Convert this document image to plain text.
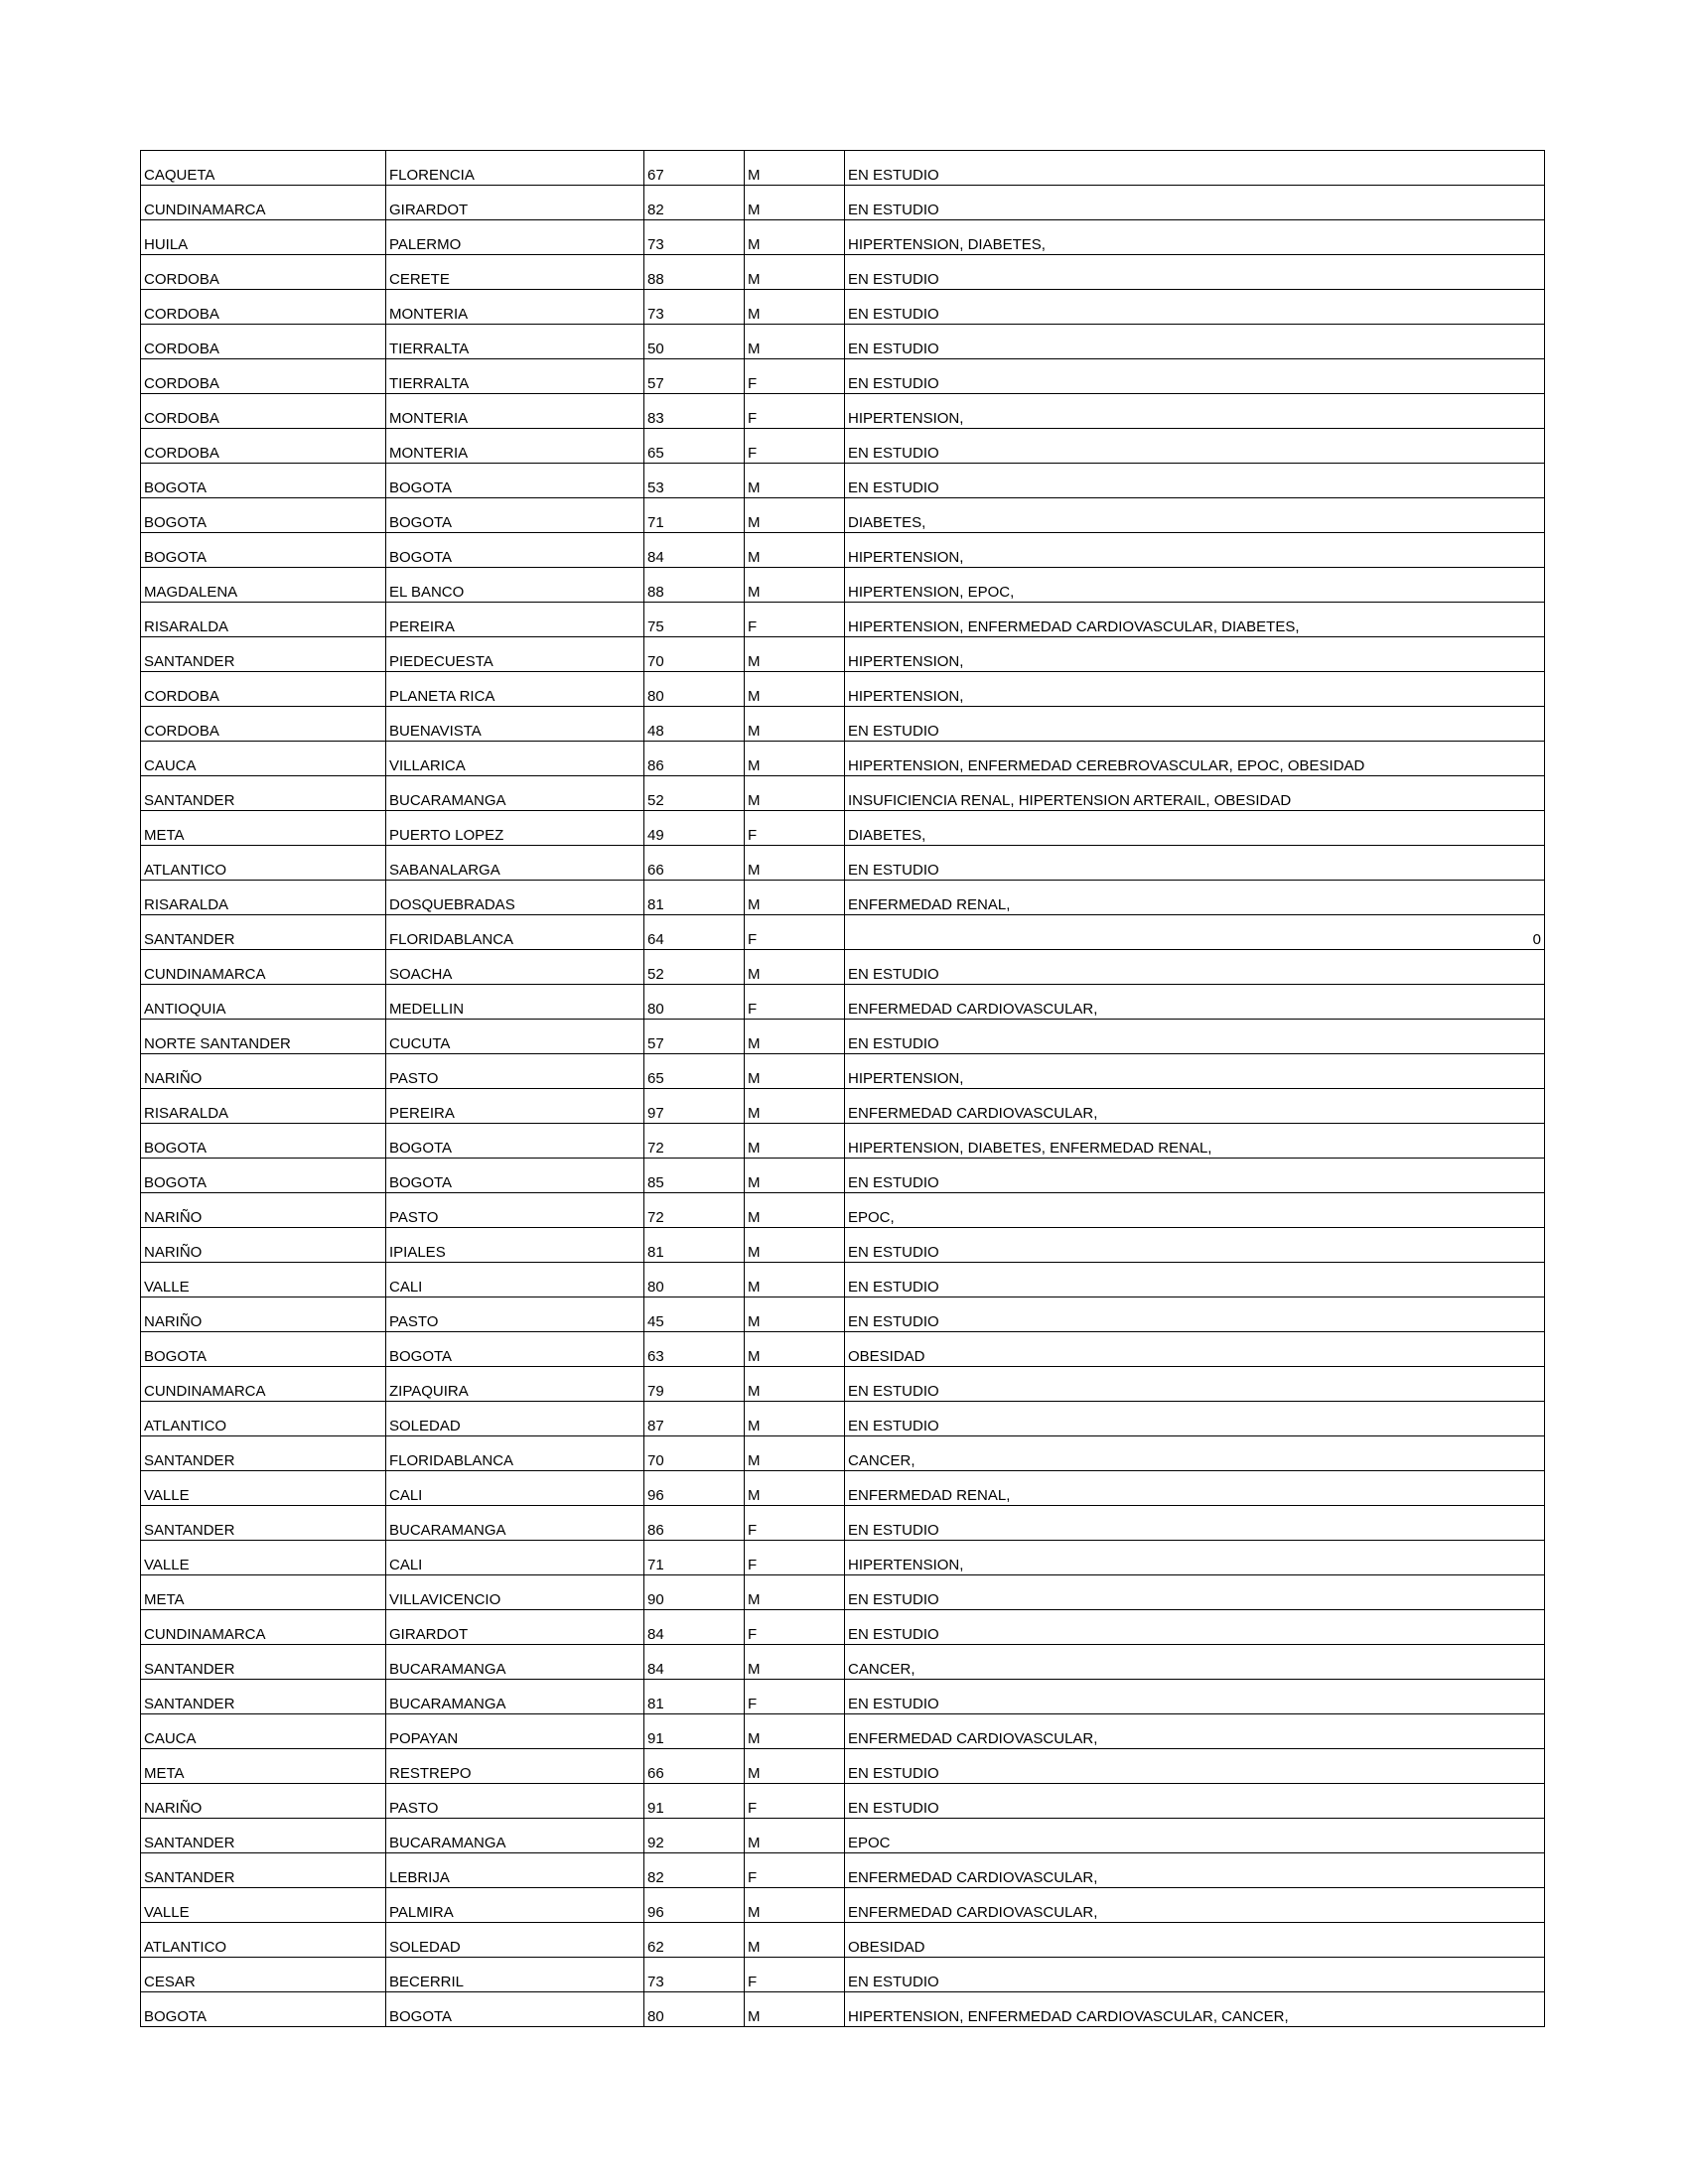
CAQUETA	FLORENCIA	67	M	EN ESTUDIO
CUNDINAMARCA	GIRARDOT	82	M	EN ESTUDIO
HUILA	PALERMO	73	M	HIPERTENSION, DIABETES,
CORDOBA	CERETE	88	M	EN ESTUDIO
CORDOBA	MONTERIA	73	M	EN ESTUDIO
CORDOBA	TIERRALTA	50	M	EN ESTUDIO
CORDOBA	TIERRALTA	57	F	EN ESTUDIO
CORDOBA	MONTERIA	83	F	HIPERTENSION,
CORDOBA	MONTERIA	65	F	EN ESTUDIO
BOGOTA	BOGOTA	53	M	EN ESTUDIO
BOGOTA	BOGOTA	71	M	DIABETES,
BOGOTA	BOGOTA	84	M	HIPERTENSION,
MAGDALENA	EL BANCO	88	M	HIPERTENSION, EPOC,
RISARALDA	PEREIRA	75	F	HIPERTENSION, ENFERMEDAD CARDIOVASCULAR, DIABETES,
SANTANDER	PIEDECUESTA	70	M	HIPERTENSION,
CORDOBA	PLANETA RICA	80	M	HIPERTENSION,
CORDOBA	BUENAVISTA	48	M	EN ESTUDIO
CAUCA	VILLARICA	86	M	HIPERTENSION, ENFERMEDAD CEREBROVASCULAR, EPOC, OBESIDAD
SANTANDER	BUCARAMANGA	52	M	INSUFICIENCIA RENAL, HIPERTENSION ARTERAIL, OBESIDAD
META	PUERTO LOPEZ	49	F	DIABETES,
ATLANTICO	SABANALARGA	66	M	EN ESTUDIO
RISARALDA	DOSQUEBRADAS	81	M	ENFERMEDAD RENAL,
SANTANDER	FLORIDABLANCA	64	F	0
CUNDINAMARCA	SOACHA	52	M	EN ESTUDIO
ANTIOQUIA	MEDELLIN	80	F	ENFERMEDAD CARDIOVASCULAR,
NORTE SANTANDER	CUCUTA	57	M	EN ESTUDIO
NARIÑO	PASTO	65	M	HIPERTENSION,
RISARALDA	PEREIRA	97	M	ENFERMEDAD CARDIOVASCULAR,
BOGOTA	BOGOTA	72	M	HIPERTENSION, DIABETES, ENFERMEDAD RENAL,
BOGOTA	BOGOTA	85	M	EN ESTUDIO
NARIÑO	PASTO	72	M	EPOC,
NARIÑO	IPIALES	81	M	EN ESTUDIO
VALLE	CALI	80	M	EN ESTUDIO
NARIÑO	PASTO	45	M	EN ESTUDIO
BOGOTA	BOGOTA	63	M	OBESIDAD
CUNDINAMARCA	ZIPAQUIRA	79	M	EN ESTUDIO
ATLANTICO	SOLEDAD	87	M	EN ESTUDIO
SANTANDER	FLORIDABLANCA	70	M	CANCER,
VALLE	CALI	96	M	ENFERMEDAD RENAL,
SANTANDER	BUCARAMANGA	86	F	EN ESTUDIO
VALLE	CALI	71	F	HIPERTENSION,
META	VILLAVICENCIO	90	M	EN ESTUDIO
CUNDINAMARCA	GIRARDOT	84	F	EN ESTUDIO
SANTANDER	BUCARAMANGA	84	M	CANCER,
SANTANDER	BUCARAMANGA	81	F	EN ESTUDIO
CAUCA	POPAYAN	91	M	ENFERMEDAD CARDIOVASCULAR,
META	RESTREPO	66	M	EN ESTUDIO
NARIÑO	PASTO	91	F	EN ESTUDIO
SANTANDER	BUCARAMANGA	92	M	EPOC
SANTANDER	LEBRIJA	82	F	ENFERMEDAD CARDIOVASCULAR,
VALLE	PALMIRA	96	M	ENFERMEDAD CARDIOVASCULAR,
ATLANTICO	SOLEDAD	62	M	OBESIDAD
CESAR	BECERRIL	73	F	EN ESTUDIO
BOGOTA	BOGOTA	80	M	HIPERTENSION, ENFERMEDAD CARDIOVASCULAR, CANCER,
